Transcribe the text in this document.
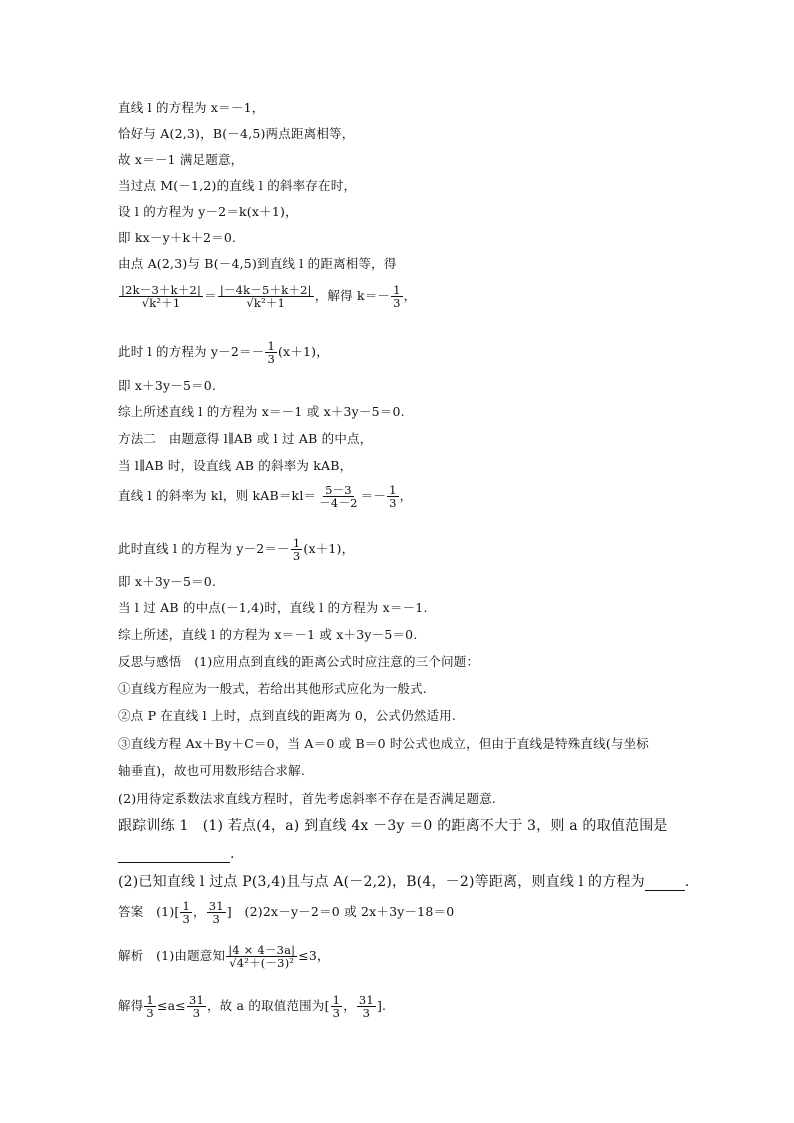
直线 l 的方程为 x＝－1，
恰好与 A(2,3)，B(－4,5)两点距离相等，
故 x＝－1 满足题意，
当过点 M(－1,2)的直线 l 的斜率存在时，
设 l 的方程为 y－2＝k(x＋1)，
即 kx－y＋k＋2＝0.
由点 A(2,3)与 B(－4,5)到直线 l 的距离相等，得
$\frac{|2k-3+k+2|}{\text{√k²＋1}} = \frac{|-4k-5+k+2|}{\text{√k²＋1}}$ ，解得 $k=- \frac{1}{3}$ ，
此时 l 的方程为 $y-2=- \frac{1}{3} (x+1)$，
即 x＋3y－5＝0.
综上所述直线 l 的方程为 x＝－1 或 x＋3y－5＝0.
方法二　由题意得 l∥AB 或 l 过 AB 的中点，
当 l∥AB 时，设直线 AB 的斜率为 kAB，
直线 l 的斜率为 kl，则 $kAB=kl= \frac{5-3}{-4-2} =- \frac{1}{3}$ ，
此时直线 l 的方程为 $y-2=- \frac{1}{3} (x+1)$，
即 x＋3y－5＝0.
当 l 过 AB 的中点(－1,4)时，直线 l 的方程为 x＝－1.
综上所述，直线 l 的方程为 x＝－1 或 x＋3y－5＝0.
反思与感悟　(1)应用点到直线的距离公式时应注意的三个问题：
①直线方程应为一般式，若给出其他形式应化为一般式.
②点 P 在直线 l 上时，点到直线的距离为 0，公式仍然适用.
③直线方程 Ax＋By＋C＝0，当 A＝0 或 B＝0 时公式也成立，但由于直线是特殊直线(与坐标
轴垂直)，故也可用数形结合求解.
(2)用待定系数法求直线方程时，首先考虑斜率不存在是否满足题意.
跟踪训练 1　(1) 若点(4，a) 到直线 4x －3y ＝0 的距离不大于 3，则 a 的取值范围是
.
(2)已知直线 l 过点 P(3,4)且与点 A(－2,2)，B(4，－2)等距离，则直线 l 的方程为	.
答案　$(1)[ \frac{1}{3}$ ， $\frac{31}{3}$ ]　(2)2x－y－2＝0 或 2x＋3y－18＝0
解析　(1)由题意知 $\frac{|4 \times 4-3a|}{\text{√4²＋(－3)²}} \le 3$，
解得 $\frac{1}{3} \le a\le \frac{31}{3}$ ，故 a 的取值范围为[ $\frac{1}{3}$ ， $\frac{31}{3}$ ].
